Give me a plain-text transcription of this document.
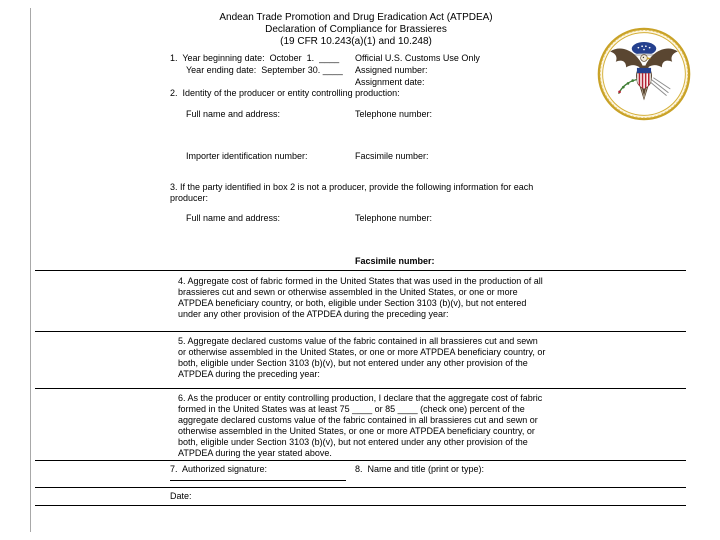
Andean Trade Promotion and Drug Eradication Act (ATPDEA)
Declaration of Compliance for Brassieres
(19 CFR 10.243(a)(1) and 10.248)
1.  Year beginning date:  October  1.  ____ Official U.S. Customs Use Only
Year ending date:  September 30. ____ Assigned number:
Assignment date:
2.  Identity of the producer or entity controlling production:
Full name and address:	Telephone number:
Importer identification number:	Facsimile number:
3. If the party identified in box 2 is not a producer, provide the following information for each producer:
Full name and address:	Telephone number:
Facsimile number:
4. Aggregate cost of fabric formed in the United States that was used in the production of all brassieres cut and sewn or otherwise assembled in the United States, or one or more ATPDEA beneficiary country, or both, eligible under Section 3103 (b)(v), but not entered under any other provision of the ATPDEA during the preceding year:
5. Aggregate declared customs value of the fabric contained in all brassieres cut and sewn or otherwise assembled in the United States, or one or more ATPDEA beneficiary country, or both, eligible under Section 3103 (b)(v), but not entered under any other provision of the ATPDEA during the preceding year:
6. As the producer or entity controlling production, I declare that the aggregate cost of fabric formed in the United States was at least 75 ____ or 85 ____ (check one) percent of the aggregate declared customs value of the fabric contained in all brassieres cut and sewn or otherwise assembled in the United States, or one or more ATPDEA beneficiary country, or both, eligible under Section 3103 (b)(v), but not entered under any other provision of the ATPDEA during the year stated above.
7.  Authorized signature:	8.  Name and title (print or type):
Date:
